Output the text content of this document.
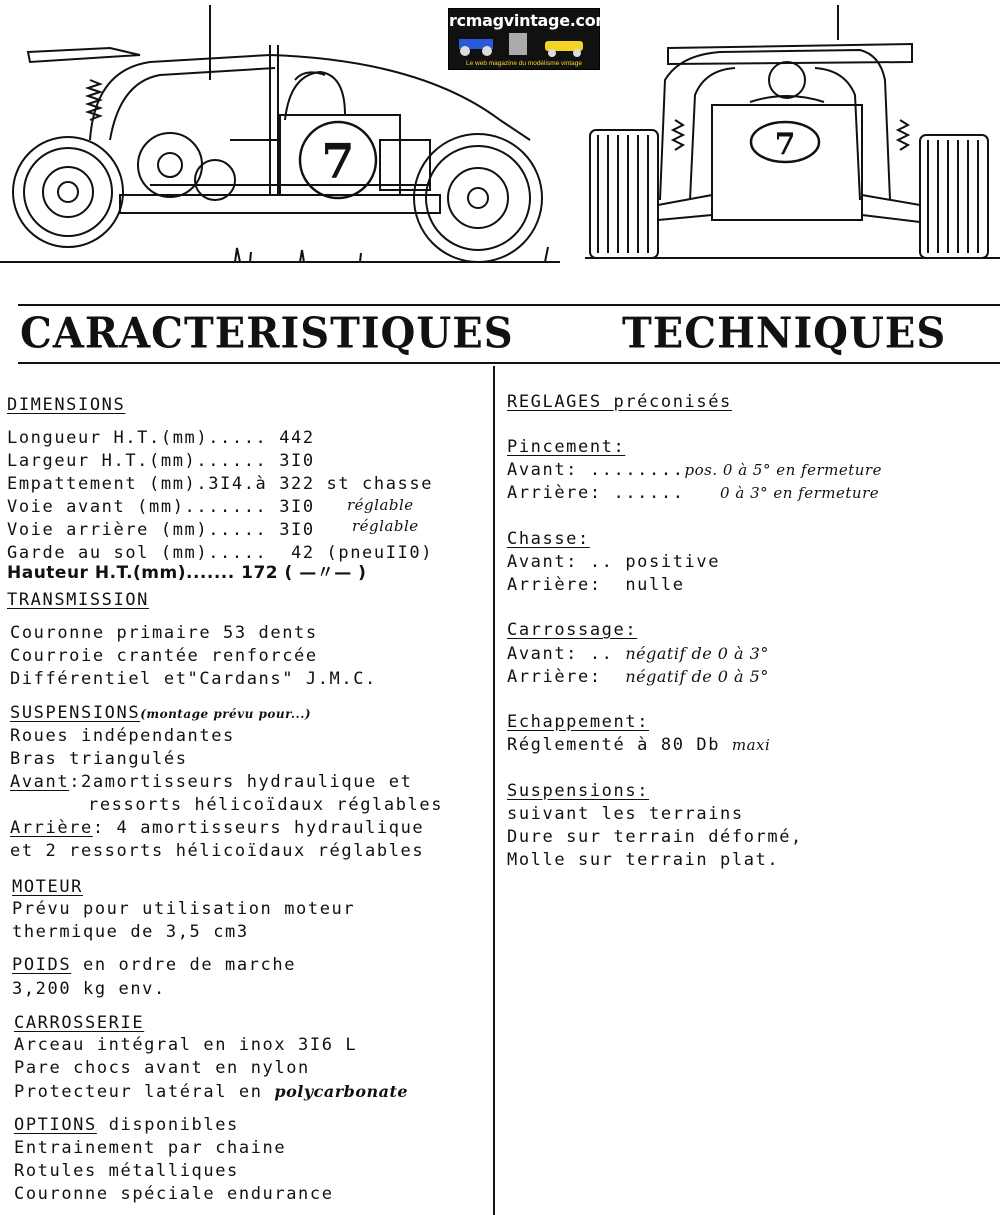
7	7
rcmagvintage.com
Le web magazine du modélisme vintage
CARACTERISTIQUES	TECHNIQUES
DIMENSIONS
Longueur H.T.(mm)..... 442
Largeur H.T.(mm)...... 3I0
Empattement (mm).3I4.à 322 st chasse
Voie avant (mm)....... 3I0 réglable
Voie arrière (mm)..... 3I0 réglable
Garde au sol (mm).....  42 (pneuII0)
Hauteur H.T.(mm)....... 172 ( —〃— )
TRANSMISSION
Couronne primaire 53 dents
Courroie crantée renforcée
Différentiel et"Cardans" J.M.C.
SUSPENSIONS(montage prévu pour...)
Roues indépendantes
Bras triangulés
Avant:2amortisseurs hydraulique et
ressorts hélicoïdaux réglables
Arrière: 4 amortisseurs hydraulique
et 2 ressorts hélicoïdaux réglables
MOTEUR
Prévu pour utilisation moteur
thermique de 3,5 cm3
POIDS en ordre de marche
3,200 kg env.
CARROSSERIE
Arceau intégral en inox 3I6 L
Pare chocs avant en nylon
Protecteur latéral en polycarbonate
OPTIONS disponibles
Entrainement par chaine
Rotules métalliques
Couronne spéciale endurance
REGLAGES préconisés
Pincement:
Avant: ........pos. 0 à 5° en fermeture
Arrière: ...... 0 à 3° en fermeture
Chasse:
Avant: .. positive
Arrière:  nulle
Carrossage:
Avant: .. négatif de 0 à 3°
Arrière: négatif de 0 à 5°
Echappement:
Réglementé à 80 Db maxi
Suspensions:
suivant les terrains
Dure sur terrain déformé,
Molle sur terrain plat.
